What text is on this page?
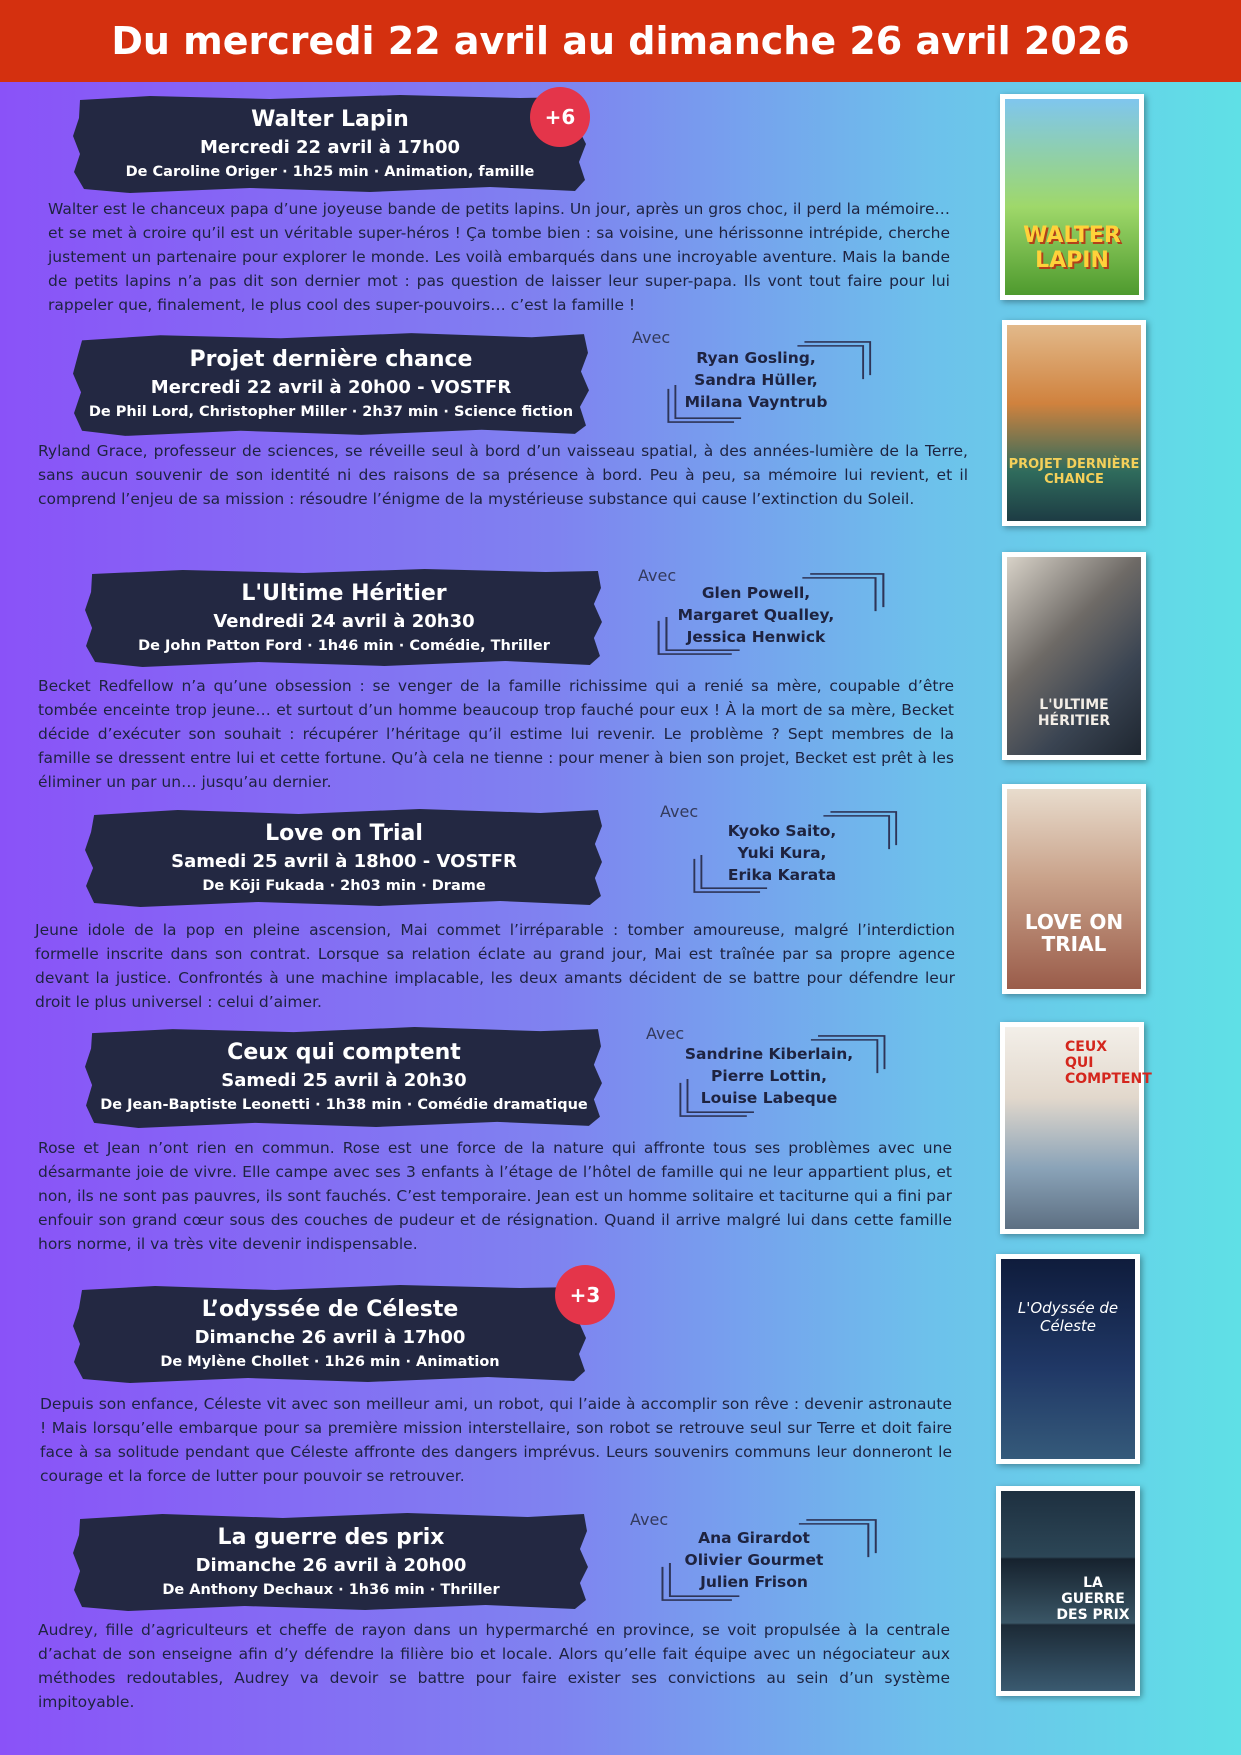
Du mercredi 22 avril au dimanche 26 avril 2026
Walter Lapin
Mercredi 22 avril à 17h00
De Caroline Origer · 1h25 min · Animation, famille
+6

Walter est le chanceux papa d’une joyeuse bande de petits lapins. Un jour, après un gros choc, il perd la mémoire… et se met à croire qu’il est un véritable super-héros ! Ça tombe bien : sa voisine, une hérissonne intrépide, cherche justement un partenaire pour explorer le monde. Les voilà embarqués dans une incroyable aventure. Mais la bande de petits lapins n’a pas dit son dernier mot : pas question de laisser leur super-papa. Ils vont tout faire pour lui rappeler que, finalement, le plus cool des super-pouvoirs… c’est la famille !

WALTER LAPIN
Projet dernière chance
Mercredi 22 avril à 20h00 - VOSTFR
De Phil Lord, Christopher Miller · 2h37 min · Science fiction
Avec
Ryan Gosling,
Sandra Hüller,
Milana Vayntrub

Ryland Grace, professeur de sciences, se réveille seul à bord d’un vaisseau spatial, à des années-lumière de la Terre, sans aucun souvenir de son identité ni des raisons de sa présence à bord. Peu à peu, sa mémoire lui revient, et il comprend l’enjeu de sa mission : résoudre l’énigme de la mystérieuse substance qui cause l’extinction du Soleil.

PROJET DERNIÈRE CHANCE
L'Ultime Héritier
Vendredi 24 avril à 20h30
De John Patton Ford · 1h46 min · Comédie, Thriller
Avec
Glen Powell,
Margaret Qualley,
Jessica Henwick

Becket Redfellow n’a qu’une obsession : se venger de la famille richissime qui a renié sa mère, coupable d’être tombée enceinte trop jeune… et surtout d’un homme beaucoup trop fauché pour eux ! À la mort de sa mère, Becket décide d’exécuter son souhait : récupérer l’héritage qu’il estime lui revenir. Le problème ? Sept membres de la famille se dressent entre lui et cette fortune. Qu’à cela ne tienne : pour mener à bien son projet, Becket est prêt à les éliminer un par un… jusqu’au dernier.

L'ULTIME HÉRITIER
Love on Trial
Samedi 25 avril à 18h00 - VOSTFR
De Kōji Fukada · 2h03 min · Drame
Avec
Kyoko Saito,
Yuki Kura,
Erika Karata

Jeune idole de la pop en pleine ascension, Mai commet l’irréparable : tomber amoureuse, malgré l’interdiction formelle inscrite dans son contrat. Lorsque sa relation éclate au grand jour, Mai est traînée par sa propre agence devant la justice. Confrontés à une machine implacable, les deux amants décident de se battre pour défendre leur droit le plus universel : celui d’aimer.

LOVE ON TRIAL
Ceux qui comptent
Samedi 25 avril à 20h30
De Jean-Baptiste Leonetti · 1h38 min · Comédie dramatique
Avec
Sandrine Kiberlain,
Pierre Lottin,
Louise Labeque

Rose et Jean n’ont rien en commun. Rose est une force de la nature qui affronte tous ses problèmes avec une désarmante joie de vivre. Elle campe avec ses 3 enfants à l’étage de l’hôtel de famille qui ne leur appartient plus, et non, ils ne sont pas pauvres, ils sont fauchés. C’est temporaire. Jean est un homme solitaire et taciturne qui a fini par enfouir son grand cœur sous des couches de pudeur et de résignation. Quand il arrive malgré lui dans cette famille hors norme, il va très vite devenir indispensable.

CEUX QUI COMPTENT
L’odyssée de Céleste
Dimanche 26 avril à 17h00
De Mylène Chollet · 1h26 min · Animation
+3

Depuis son enfance, Céleste vit avec son meilleur ami, un robot, qui l’aide à accomplir son rêve : devenir astronaute ! Mais lorsqu’elle embarque pour sa première mission interstellaire, son robot se retrouve seul sur Terre et doit faire face à sa solitude pendant que Céleste affronte des dangers imprévus. Leurs souvenirs communs leur donneront le courage et la force de lutter pour pouvoir se retrouver.

L'Odyssée de Céleste
La guerre des prix
Dimanche 26 avril à 20h00
De Anthony Dechaux · 1h36 min · Thriller
Avec
Ana Girardot
Olivier Gourmet
Julien Frison

Audrey, fille d’agriculteurs et cheffe de rayon dans un hypermarché en province, se voit propulsée à la centrale d’achat de son enseigne afin d’y défendre la filière bio et locale. Alors qu’elle fait équipe avec un négociateur aux méthodes redoutables, Audrey va devoir se battre pour faire exister ses convictions au sein d’un système impitoyable.

LA GUERRE DES PRIX
